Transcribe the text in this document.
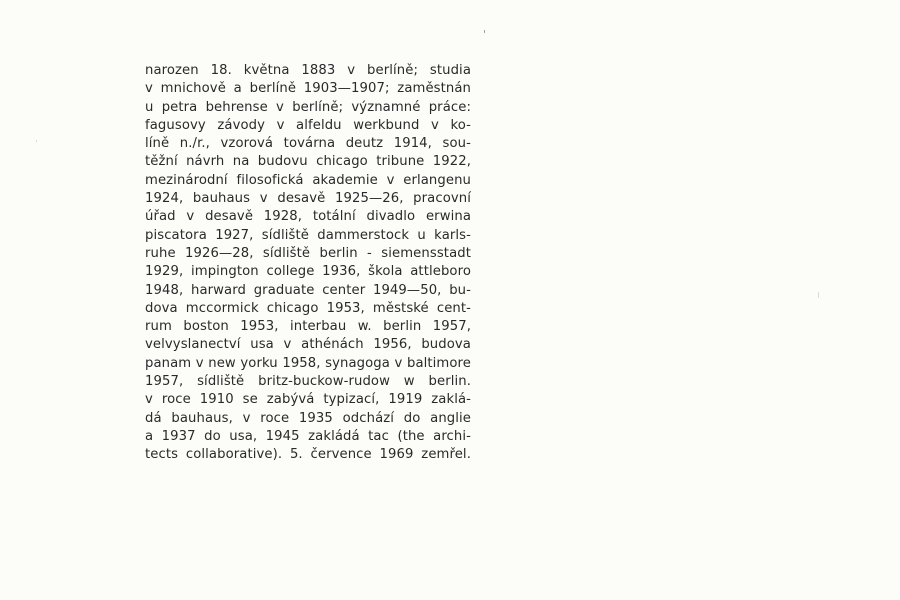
narozen 18. května 1883 v berlíně; studia
v mnichově a berlíně 1903—1907; zaměstnán
u petra behrense v berlíně; významné práce:
fagusovy závody v alfeldu werkbund v ko-
líně n./r., vzorová továrna deutz 1914, sou-
těžní návrh na budovu chicago tribune 1922,
mezinárodní filosofická akademie v erlangenu
1924, bauhaus v desavě 1925—26, pracovní
úřad v desavě 1928, totální divadlo erwina
piscatora 1927, sídliště dammerstock u karls-
ruhe 1926—28, sídliště berlin - siemensstadt
1929, impington college 1936, škola attleboro
1948, harward graduate center 1949—50, bu-
dova mccormick chicago 1953, městské cent-
rum boston 1953, interbau w. berlin 1957,
velvyslanectví usa v athénách 1956, budova
panam v new yorku 1958, synagoga v baltimore
1957, sídliště britz-buckow-rudow w berlin.
v roce 1910 se zabývá typizací, 1919 zaklá-
dá bauhaus, v roce 1935 odchází do anglie
a 1937 do usa, 1945 zakládá tac (the archi-
tects collaborative). 5. července 1969 zemřel.
